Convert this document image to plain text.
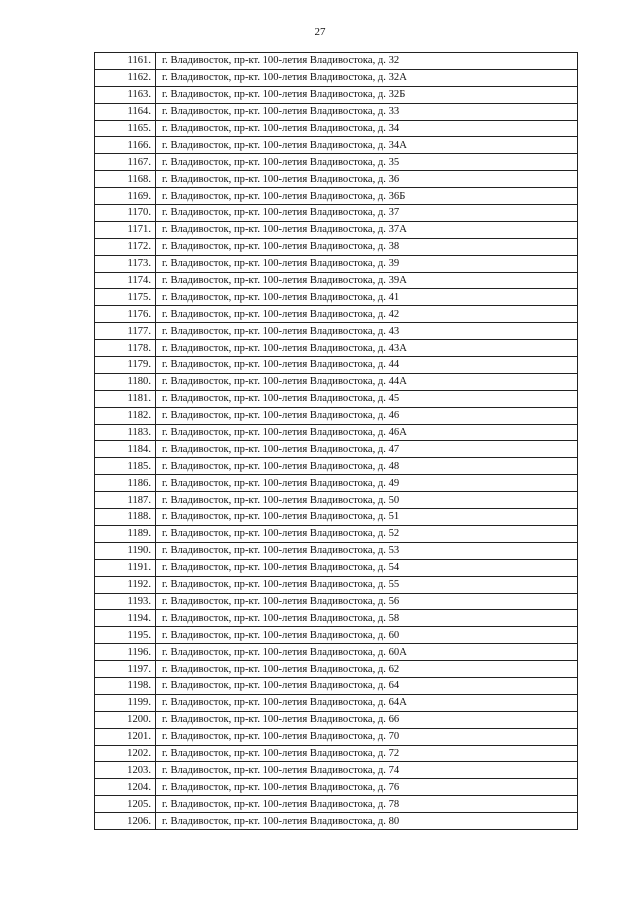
27
1161.	г. Владивосток, пр-кт. 100-летия Владивостока, д. 32
1162.	г. Владивосток, пр-кт. 100-летия Владивостока, д. 32А
1163.	г. Владивосток, пр-кт. 100-летия Владивостока, д. 32Б
1164.	г. Владивосток, пр-кт. 100-летия Владивостока, д. 33
1165.	г. Владивосток, пр-кт. 100-летия Владивостока, д. 34
1166.	г. Владивосток, пр-кт. 100-летия Владивостока, д. 34А
1167.	г. Владивосток, пр-кт. 100-летия Владивостока, д. 35
1168.	г. Владивосток, пр-кт. 100-летия Владивостока, д. 36
1169.	г. Владивосток, пр-кт. 100-летия Владивостока, д. 36Б
1170.	г. Владивосток, пр-кт. 100-летия Владивостока, д. 37
1171.	г. Владивосток, пр-кт. 100-летия Владивостока, д. 37А
1172.	г. Владивосток, пр-кт. 100-летия Владивостока, д. 38
1173.	г. Владивосток, пр-кт. 100-летия Владивостока, д. 39
1174.	г. Владивосток, пр-кт. 100-летия Владивостока, д. 39А
1175.	г. Владивосток, пр-кт. 100-летия Владивостока, д. 41
1176.	г. Владивосток, пр-кт. 100-летия Владивостока, д. 42
1177.	г. Владивосток, пр-кт. 100-летия Владивостока, д. 43
1178.	г. Владивосток, пр-кт. 100-летия Владивостока, д. 43А
1179.	г. Владивосток, пр-кт. 100-летия Владивостока, д. 44
1180.	г. Владивосток, пр-кт. 100-летия Владивостока, д. 44А
1181.	г. Владивосток, пр-кт. 100-летия Владивостока, д. 45
1182.	г. Владивосток, пр-кт. 100-летия Владивостока, д. 46
1183.	г. Владивосток, пр-кт. 100-летия Владивостока, д. 46А
1184.	г. Владивосток, пр-кт. 100-летия Владивостока, д. 47
1185.	г. Владивосток, пр-кт. 100-летия Владивостока, д. 48
1186.	г. Владивосток, пр-кт. 100-летия Владивостока, д. 49
1187.	г. Владивосток, пр-кт. 100-летия Владивостока, д. 50
1188.	г. Владивосток, пр-кт. 100-летия Владивостока, д. 51
1189.	г. Владивосток, пр-кт. 100-летия Владивостока, д. 52
1190.	г. Владивосток, пр-кт. 100-летия Владивостока, д. 53
1191.	г. Владивосток, пр-кт. 100-летия Владивостока, д. 54
1192.	г. Владивосток, пр-кт. 100-летия Владивостока, д. 55
1193.	г. Владивосток, пр-кт. 100-летия Владивостока, д. 56
1194.	г. Владивосток, пр-кт. 100-летия Владивостока, д. 58
1195.	г. Владивосток, пр-кт. 100-летия Владивостока, д. 60
1196.	г. Владивосток, пр-кт. 100-летия Владивостока, д. 60А
1197.	г. Владивосток, пр-кт. 100-летия Владивостока, д. 62
1198.	г. Владивосток, пр-кт. 100-летия Владивостока, д. 64
1199.	г. Владивосток, пр-кт. 100-летия Владивостока, д. 64А
1200.	г. Владивосток, пр-кт. 100-летия Владивостока, д. 66
1201.	г. Владивосток, пр-кт. 100-летия Владивостока, д. 70
1202.	г. Владивосток, пр-кт. 100-летия Владивостока, д. 72
1203.	г. Владивосток, пр-кт. 100-летия Владивостока, д. 74
1204.	г. Владивосток, пр-кт. 100-летия Владивостока, д. 76
1205.	г. Владивосток, пр-кт. 100-летия Владивостока, д. 78
1206.	г. Владивосток, пр-кт. 100-летия Владивостока, д. 80
